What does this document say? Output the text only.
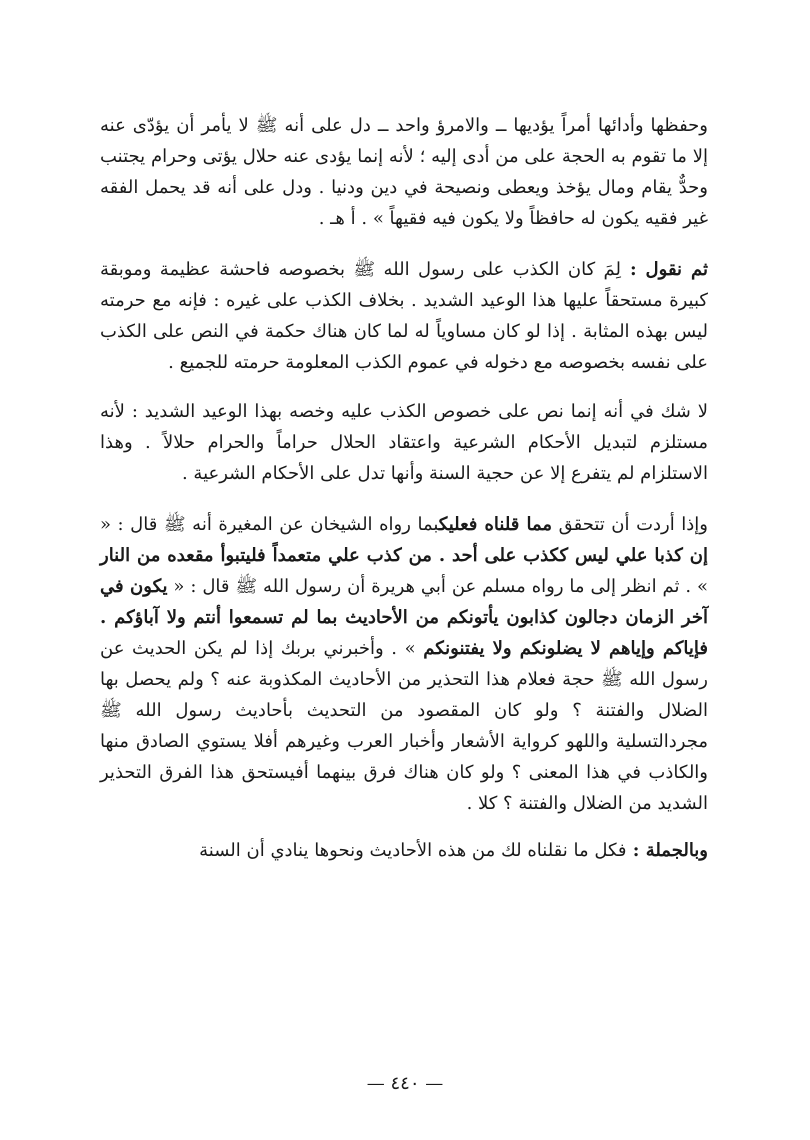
وحفظها وأدائها أمراً يؤديها ــ والامرؤ واحد ــ دل على أنه ﷺ لا يأمر أن يؤدّى عنه إلا ما تقوم به الحجة على من أدى إليه ؛ لأنه إنما يؤدى عنه حلال يؤتى وحرام يجتنب وحدٌّ يقام ومال يؤخذ ويعطى ونصيحة في دين ودنيا . ودل على أنه قد يحمل الفقه غير فقيه يكون له حافظاً ولا يكون فيه فقيهاً » . أ هـ .

ثم نقول : لِمَ كان الكذب على رسول الله ﷺ بخصوصه فاحشة عظيمة وموبقة كبيرة مستحقاً عليها هذا الوعيد الشديد . بخلاف الكذب على غيره : فإنه مع حرمته ليس بهذه المثابة . إذا لو كان مساوياً له لما كان هناك حكمة في النص على الكذب على نفسه بخصوصه مع دخوله في عموم الكذب المعلومة حرمته للجميع .

لا شك في أنه إنما نص على خصوص الكذب عليه وخصه بهذا الوعيد الشديد : لأنه مستلزم لتبديل الأحكام الشرعية واعتقاد الحلال حراماً والحرام حلالاً . وهذا الاستلزام لم يتفرع إلا عن حجية السنة وأنها تدل على الأحكام الشرعية .

وإذا أردت أن تتحقق مما قلناه فعليكبما رواه الشيخان عن المغيرة أنه ﷺ قال : « إن كذبا علي ليس ككذب على أحد . من كذب علي متعمداً فليتبوأ مقعده من النار » . ثم انظر إلى ما رواه مسلم عن أبي هريرة أن رسول الله ﷺ قال : « يكون في آخر الزمان دجالون كذابون يأتونكم من الأحاديث بما لم تسمعوا أنتم ولا آباؤكم . فإياكم وإياهم لا يضلونكم ولا يفتنونكم » . وأخبرني بربك إذا لم يكن الحديث عن رسول الله ﷺ حجة فعلام هذا التحذير من الأحاديث المكذوبة عنه ؟ ولم يحصل بها الضلال والفتنة ؟ ولو كان المقصود من التحديث بأحاديث رسول الله ﷺ مجردالتسلية واللهو كرواية الأشعار وأخبار العرب وغيرهم أفلا يستوي الصادق منها والكاذب في هذا المعنى ؟ ولو كان هناك فرق بينهما أفيستحق هذا الفرق التحذير الشديد من الضلال والفتنة ؟ كلا .

وبالجملة : فكل ما نقلناه لك من هذه الأحاديث ونحوها ينادي أن السنة

— ٤٤٠ —
